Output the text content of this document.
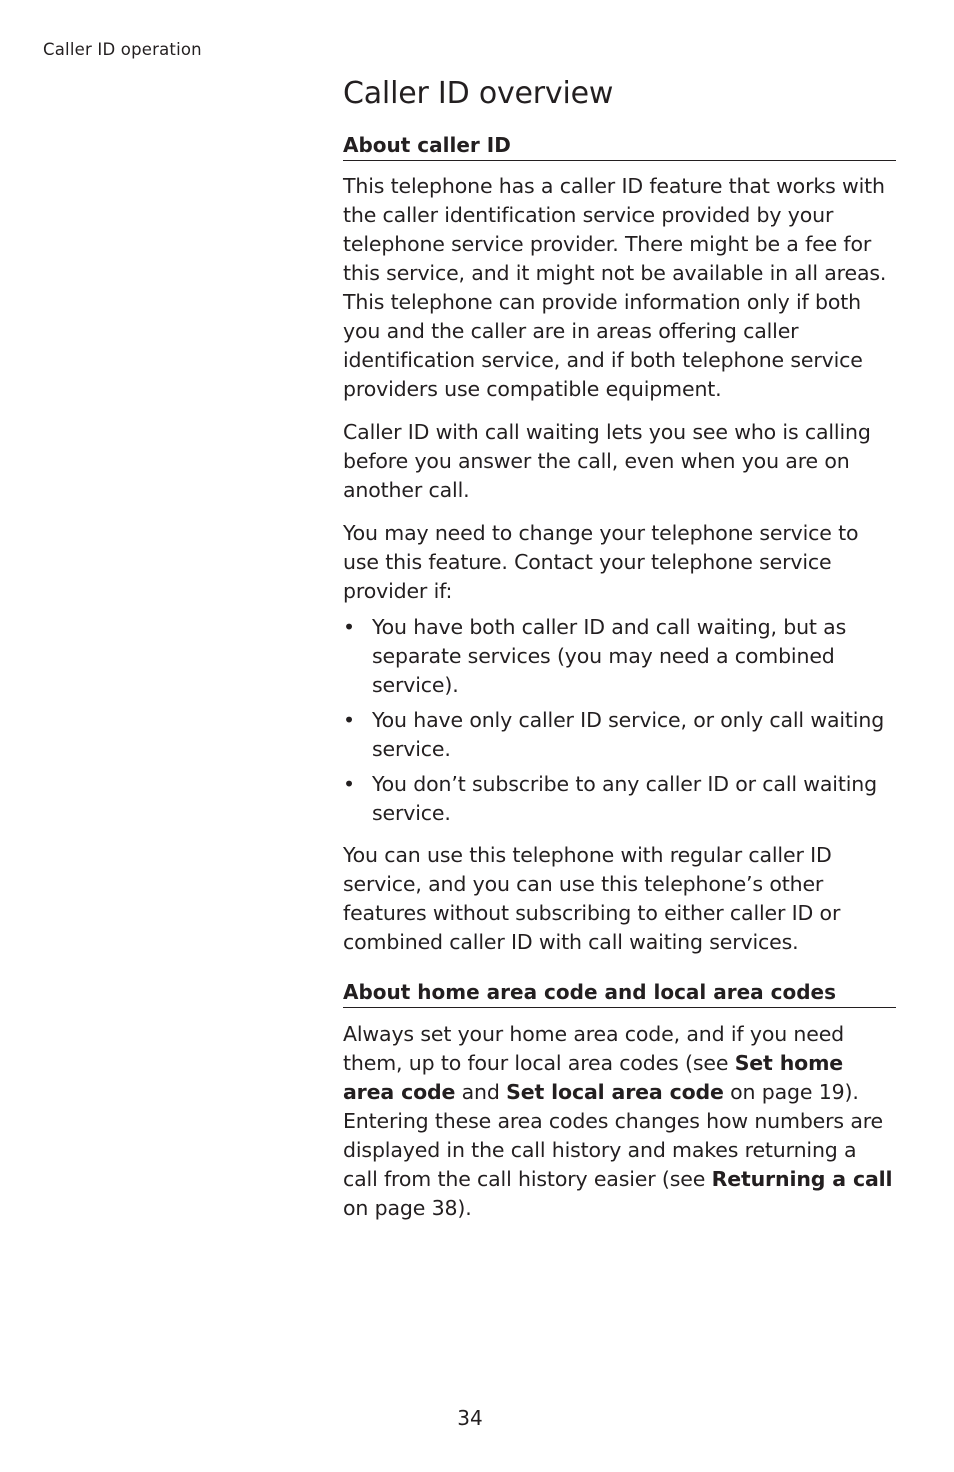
Caller ID operation
Caller ID overview
About caller ID

This telephone has a caller ID feature that works with the caller identification service provided by your telephone service provider. There might be a fee for this service, and it might not be available in all areas. This telephone can provide information only if both you and the caller are in areas offering caller identification service, and if both telephone service providers use compatible equipment.

Caller ID with call waiting lets you see who is calling before you answer the call, even when you are on another call.

You may need to change your telephone service to use this feature. Contact your telephone service provider if:

• You have both caller ID and call waiting, but as separate services (you may need a combined service).
• You have only caller ID service, or only call waiting service.
• You don’t subscribe to any caller ID or call waiting service.

You can use this telephone with regular caller ID service, and you can use this telephone’s other features without subscribing to either caller ID or combined caller ID with call waiting services.

About home area code and local area codes

Always set your home area code, and if you need them, up to four local area codes (see Set home area code and Set local area code on page 19). Entering these area codes changes how numbers are displayed in the call history and makes returning a call from the call history easier (see Returning a call on page 38).

34
